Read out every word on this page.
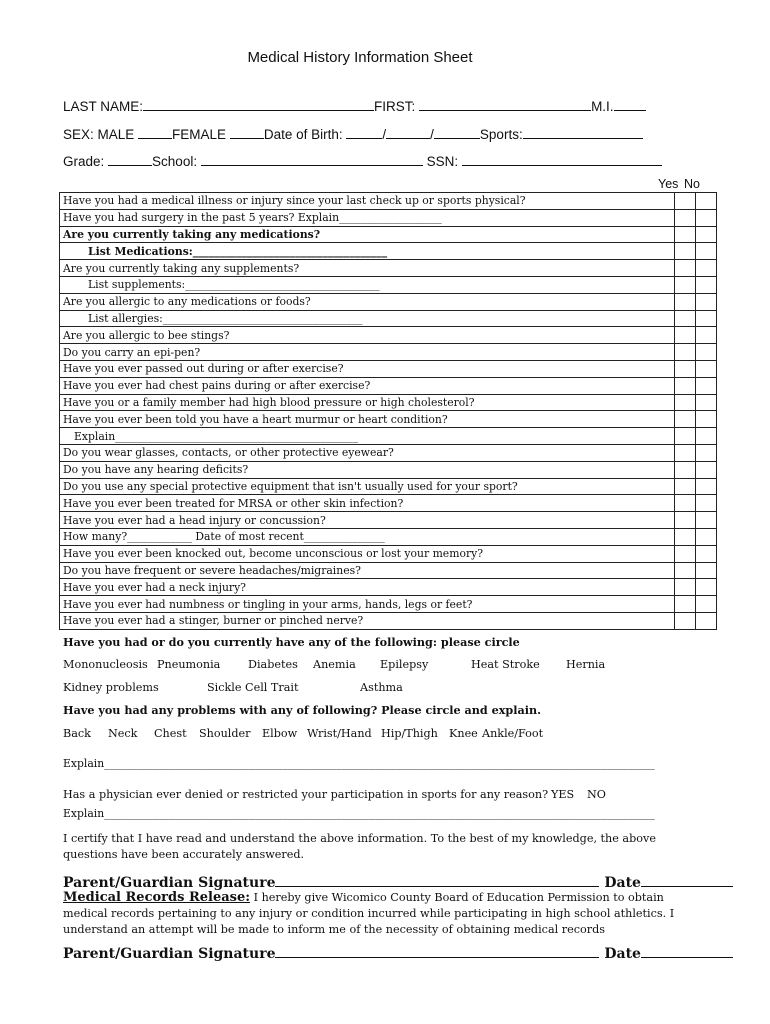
Medical History Information Sheet
LAST NAME:	FIRST:	M.I.
SEX: MALE	FEMALE	Date of Birth:	/	/	Sports:
Grade:	School:	SSN:
Yes No
Have you had a medical illness or injury since your last check up or sports physical?		
Have you had surgery in the past 5 years? Explain___________________		
Are you currently taking any medications?		
List Medications:____________________________________		
Are you currently taking any supplements?		
List supplements:____________________________________		
Are you allergic to any medications or foods?		
List allergies:_____________________________________		
Are you allergic to bee stings?		
Do you carry an epi-pen?		
Have you ever passed out during or after exercise?		
Have you ever had chest pains during or after exercise?		
Have you or a family member had high blood pressure or high cholesterol?		
Have you ever been told you have a heart murmur or heart condition?		
Explain_____________________________________________		
Do you wear glasses, contacts, or other protective eyewear?		
Do you have any hearing deficits?		
Do you use any special protective equipment that isn't usually used for your sport?		
Have you ever been treated for MRSA or other skin infection?		
Have you ever had a head injury or concussion?		
How many?____________ Date of most recent_______________		
Have you ever been knocked out, become unconscious or lost your memory?		
Do you have frequent or severe headaches/migraines?		
Have you ever had a neck injury?		
Have you ever had numbness or tingling in your arms, hands, legs or feet?		
Have you ever had a stinger, burner or pinched nerve?		
Have you had or do you currently have any of the following: please circle
Mononucleosis Pneumonia Diabetes Anemia Epilepsy	Heat Stroke Hernia
Kidney problems	Sickle Cell Trait	Asthma
Have you had any problems with any of following? Please circle and explain.
Back Neck Chest Shoulder Elbow Wrist/Hand Hip/Thigh Knee Ankle/Foot
Explain______________________________________________________________________________________________________
Has a physician ever denied or restricted your participation in sports for any reason? YES NO
Explain______________________________________________________________________________________________________
I certify that I have read and understand the above information. To the best of my knowledge, the above questions have been accurately answered.
Parent/Guardian Signature	Date
Medical Records Release: I hereby give Wicomico County Board of Education Permission to obtain medical records pertaining to any injury or condition incurred while participating in high school athletics. I understand an attempt will be made to inform me of the necessity of obtaining medical records
Parent/Guardian Signature	Date
